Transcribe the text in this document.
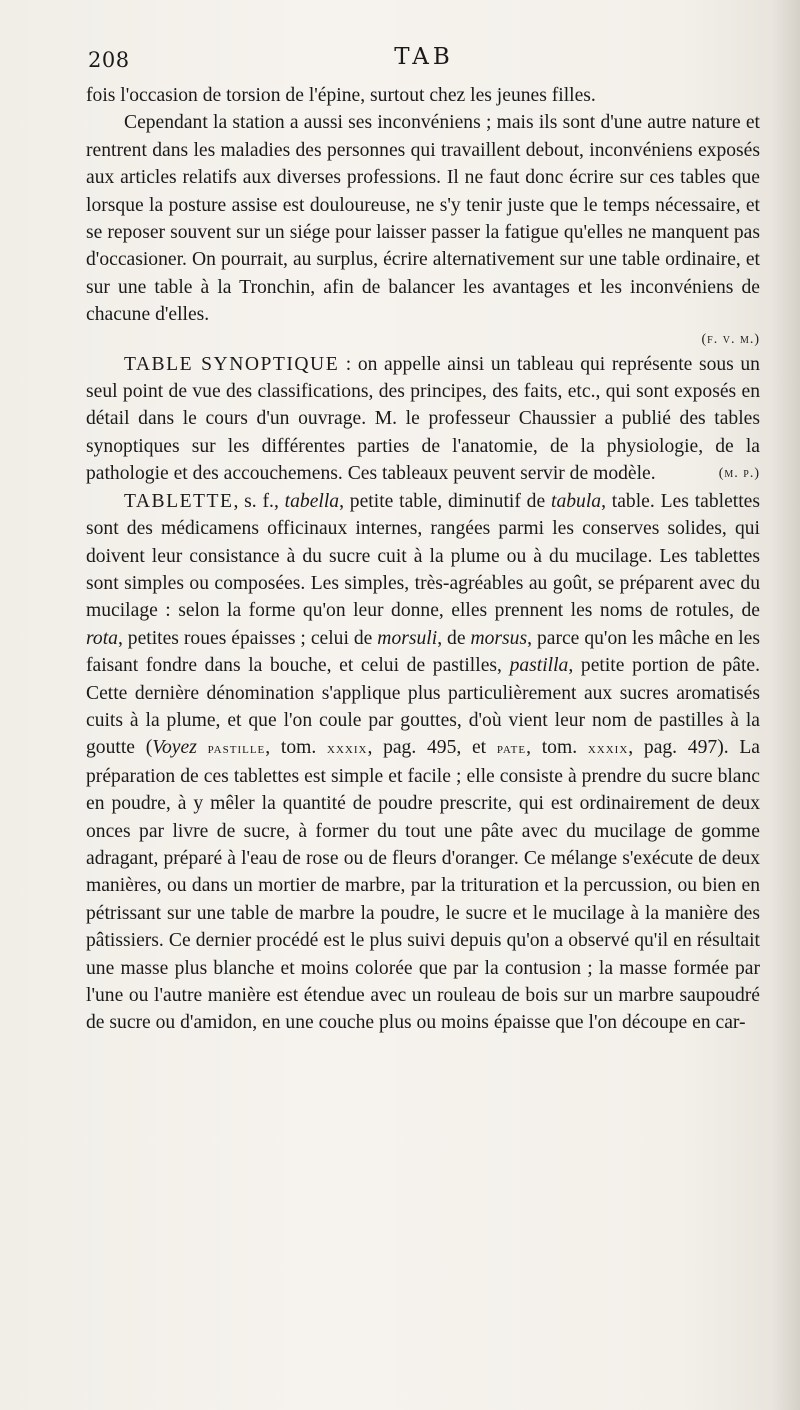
208	TAB

fois l'occasion de torsion de l'épine, surtout chez les jeunes filles.

Cependant la station a aussi ses inconvéniens ; mais ils sont d'une autre nature et rentrent dans les maladies des personnes qui travaillent debout, inconvéniens exposés aux articles relatifs aux diverses professions. Il ne faut donc écrire sur ces tables que lorsque la posture assise est douloureuse, ne s'y tenir juste que le temps nécessaire, et se reposer souvent sur un siége pour laisser passer la fatigue qu'elles ne manquent pas d'occasioner. On pourrait, au surplus, écrire alternativement sur une table ordinaire, et sur une table à la Tronchin, afin de balancer les avantages et les inconvéniens de chacune d'elles.

(f. v. m.)

TABLE SYNOPTIQUE : on appelle ainsi un tableau qui représente sous un seul point de vue des classifications, des principes, des faits, etc., qui sont exposés en détail dans le cours d'un ouvrage. M. le professeur Chaussier a publié des tables synoptiques sur les différentes parties de l'anatomie, de la physiologie, de la pathologie et des accouchemens. Ces tableaux peuvent servir de modèle.	(m. p.)

TABLETTE, s. f., tabella, petite table, diminutif de tabula, table. Les tablettes sont des médicamens officinaux internes, rangées parmi les conserves solides, qui doivent leur consistance à du sucre cuit à la plume ou à du mucilage. Les tablettes sont simples ou composées. Les simples, très-agréables au goût, se préparent avec du mucilage : selon la forme qu'on leur donne, elles prennent les noms de rotules, de rota, petites roues épaisses ; celui de morsuli, de morsus, parce qu'on les mâche en les faisant fondre dans la bouche, et celui de pastilles, pastilla, petite portion de pâte. Cette dernière dénomination s'applique plus particulièrement aux sucres aromatisés cuits à la plume, et que l'on coule par gouttes, d'où vient leur nom de pastilles à la goutte (Voyez pastille, tom. xxxix, pag. 495, et pate, tom. xxxix, pag. 497). La préparation de ces tablettes est simple et facile ; elle consiste à prendre du sucre blanc en poudre, à y mêler la quantité de poudre prescrite, qui est ordinairement de deux onces par livre de sucre, à former du tout une pâte avec du mucilage de gomme adragant, préparé à l'eau de rose ou de fleurs d'oranger. Ce mélange s'exécute de deux manières, ou dans un mortier de marbre, par la trituration et la percussion, ou bien en pétrissant sur une table de marbre la poudre, le sucre et le mucilage à la manière des pâtissiers. Ce dernier procédé est le plus suivi depuis qu'on a observé qu'il en résultait une masse plus blanche et moins colorée que par la contusion ; la masse formée par l'une ou l'autre manière est étendue avec un rouleau de bois sur un marbre saupoudré de sucre ou d'amidon, en une couche plus ou moins épaisse que l'on découpe en car-
